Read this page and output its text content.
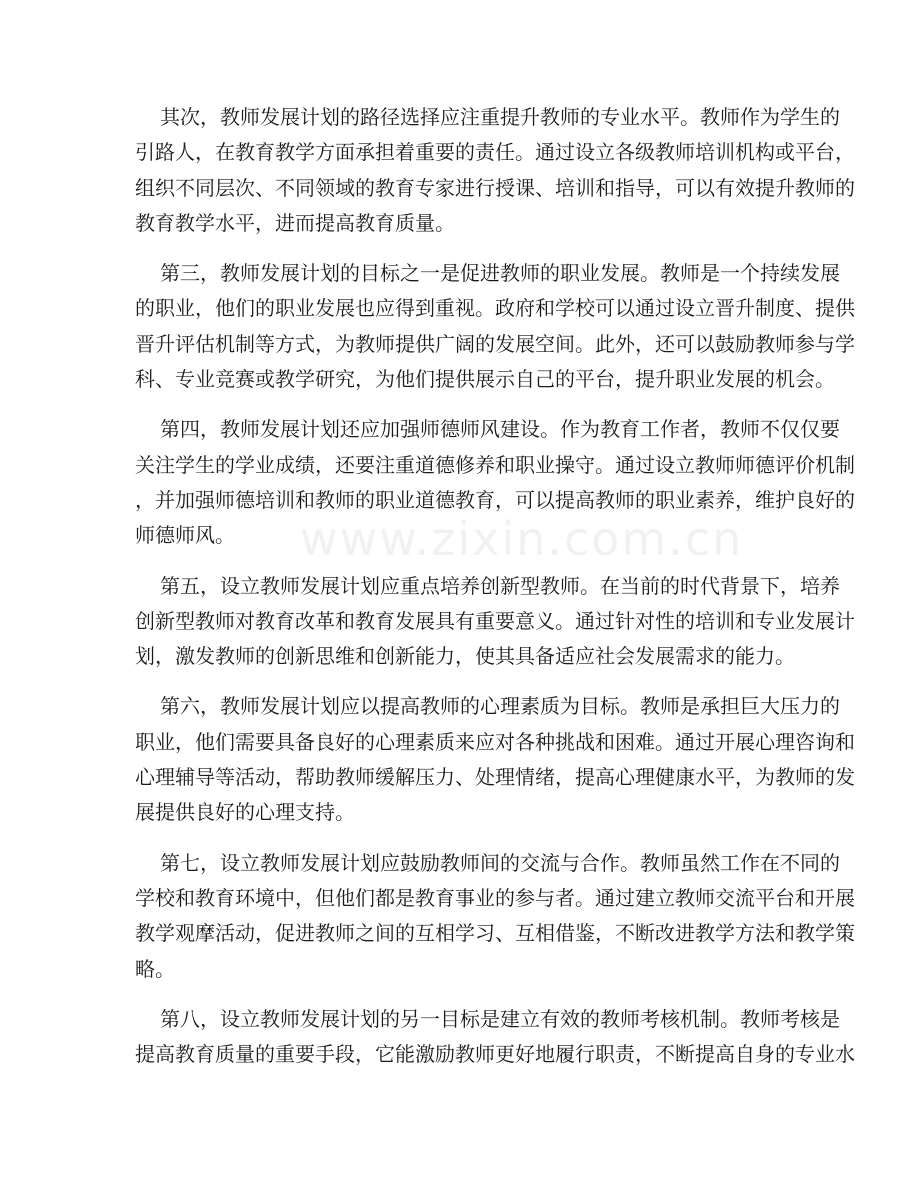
www.zixin.com.cn
其次，教师发展计划的路径选择应注重提升教师的专业水平。教师作为学生的
引路人，在教育教学方面承担着重要的责任。通过设立各级教师培训机构或平台，
组织不同层次、不同领域的教育专家进行授课、培训和指导，可以有效提升教师的
教育教学水平，进而提高教育质量。
第三，教师发展计划的目标之一是促进教师的职业发展。教师是一个持续发展
的职业，他们的职业发展也应得到重视。政府和学校可以通过设立晋升制度、提供
晋升评估机制等方式，为教师提供广阔的发展空间。此外，还可以鼓励教师参与学
科、专业竞赛或教学研究，为他们提供展示自己的平台，提升职业发展的机会。
第四，教师发展计划还应加强师德师风建设。作为教育工作者，教师不仅仅要
关注学生的学业成绩，还要注重道德修养和职业操守。通过设立教师师德评价机制
，并加强师德培训和教师的职业道德教育，可以提高教师的职业素养，维护良好的
师德师风。
第五，设立教师发展计划应重点培养创新型教师。在当前的时代背景下，培养
创新型教师对教育改革和教育发展具有重要意义。通过针对性的培训和专业发展计
划，激发教师的创新思维和创新能力，使其具备适应社会发展需求的能力。
第六，教师发展计划应以提高教师的心理素质为目标。教师是承担巨大压力的
职业，他们需要具备良好的心理素质来应对各种挑战和困难。通过开展心理咨询和
心理辅导等活动，帮助教师缓解压力、处理情绪，提高心理健康水平，为教师的发
展提供良好的心理支持。
第七，设立教师发展计划应鼓励教师间的交流与合作。教师虽然工作在不同的
学校和教育环境中，但他们都是教育事业的参与者。通过建立教师交流平台和开展
教学观摩活动，促进教师之间的互相学习、互相借鉴，不断改进教学方法和教学策
略。
第八，设立教师发展计划的另一目标是建立有效的教师考核机制。教师考核是
提高教育质量的重要手段，它能激励教师更好地履行职责，不断提高自身的专业水
